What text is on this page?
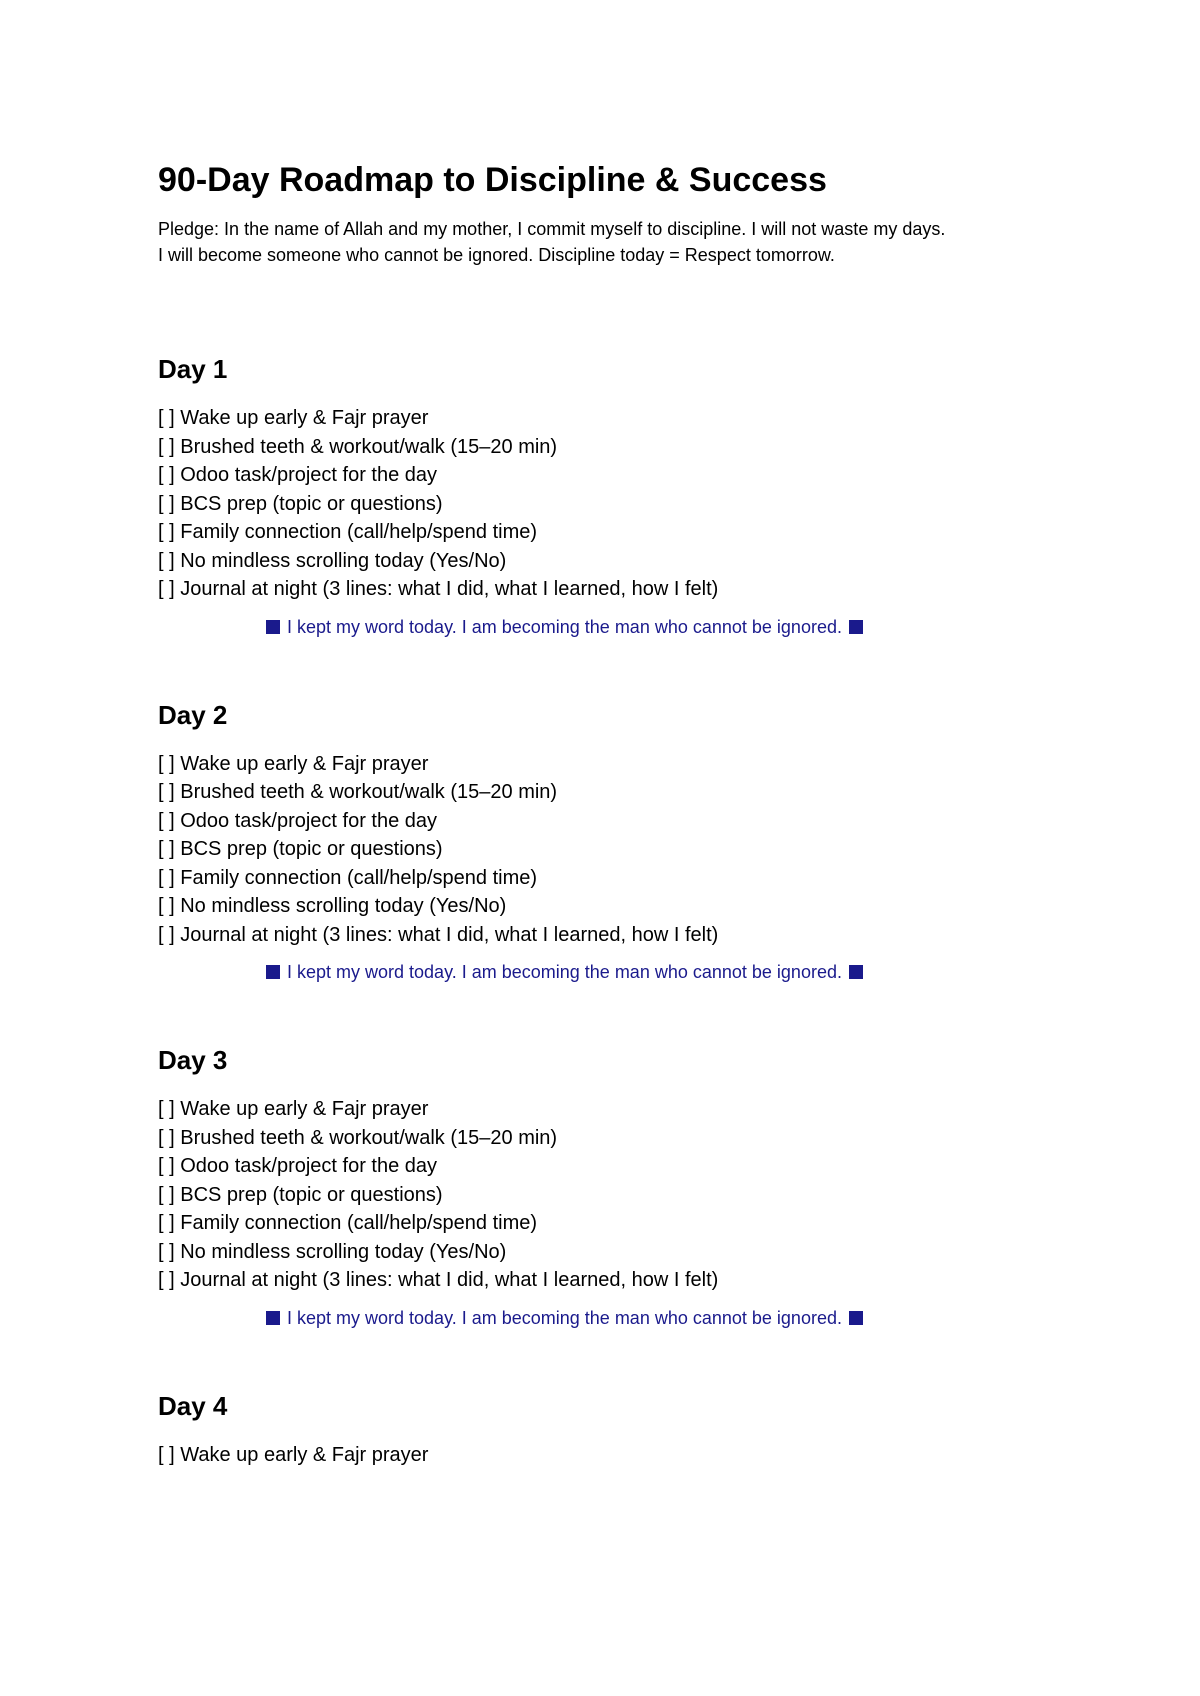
90-Day Roadmap to Discipline & Success
Pledge: In the name of Allah and my mother, I commit myself to discipline. I will not waste my days.
I will become someone who cannot be ignored. Discipline today = Respect tomorrow.
Day 1
[ ] Wake up early & Fajr prayer
[ ] Brushed teeth & workout/walk (15–20 min)
[ ] Odoo task/project for the day
[ ] BCS prep (topic or questions)
[ ] Family connection (call/help/spend time)
[ ] No mindless scrolling today (Yes/No)
[ ] Journal at night (3 lines: what I did, what I learned, how I felt)
I kept my word today. I am becoming the man who cannot be ignored.
Day 2
[ ] Wake up early & Fajr prayer
[ ] Brushed teeth & workout/walk (15–20 min)
[ ] Odoo task/project for the day
[ ] BCS prep (topic or questions)
[ ] Family connection (call/help/spend time)
[ ] No mindless scrolling today (Yes/No)
[ ] Journal at night (3 lines: what I did, what I learned, how I felt)
I kept my word today. I am becoming the man who cannot be ignored.
Day 3
[ ] Wake up early & Fajr prayer
[ ] Brushed teeth & workout/walk (15–20 min)
[ ] Odoo task/project for the day
[ ] BCS prep (topic or questions)
[ ] Family connection (call/help/spend time)
[ ] No mindless scrolling today (Yes/No)
[ ] Journal at night (3 lines: what I did, what I learned, how I felt)
I kept my word today. I am becoming the man who cannot be ignored.
Day 4
[ ] Wake up early & Fajr prayer
